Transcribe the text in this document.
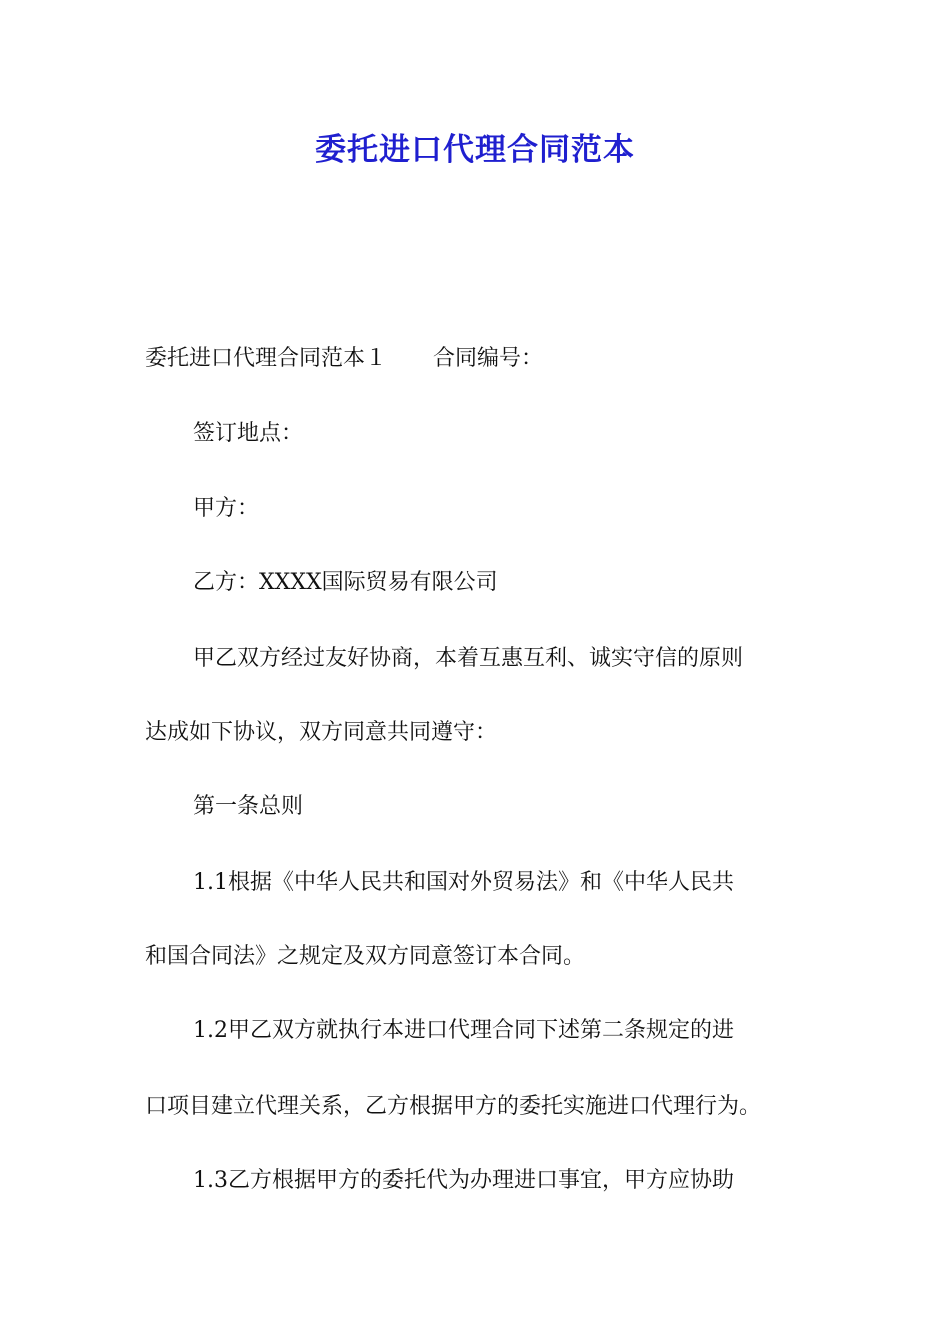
委托进口代理合同范本
委托进口代理合同范本１ 合同编号：
签订地点：
甲方：
乙方：XXXX国际贸易有限公司
甲乙双方经过友好协商，本着互惠互利、诚实守信的原则
达成如下协议，双方同意共同遵守：
第一条总则
1.1根据《中华人民共和国对外贸易法》和《中华人民共
和国合同法》之规定及双方同意签订本合同。
1.2甲乙双方就执行本进口代理合同下述第二条规定的进
口项目建立代理关系，乙方根据甲方的委托实施进口代理行为。
1.3乙方根据甲方的委托代为办理进口事宜，甲方应协助
